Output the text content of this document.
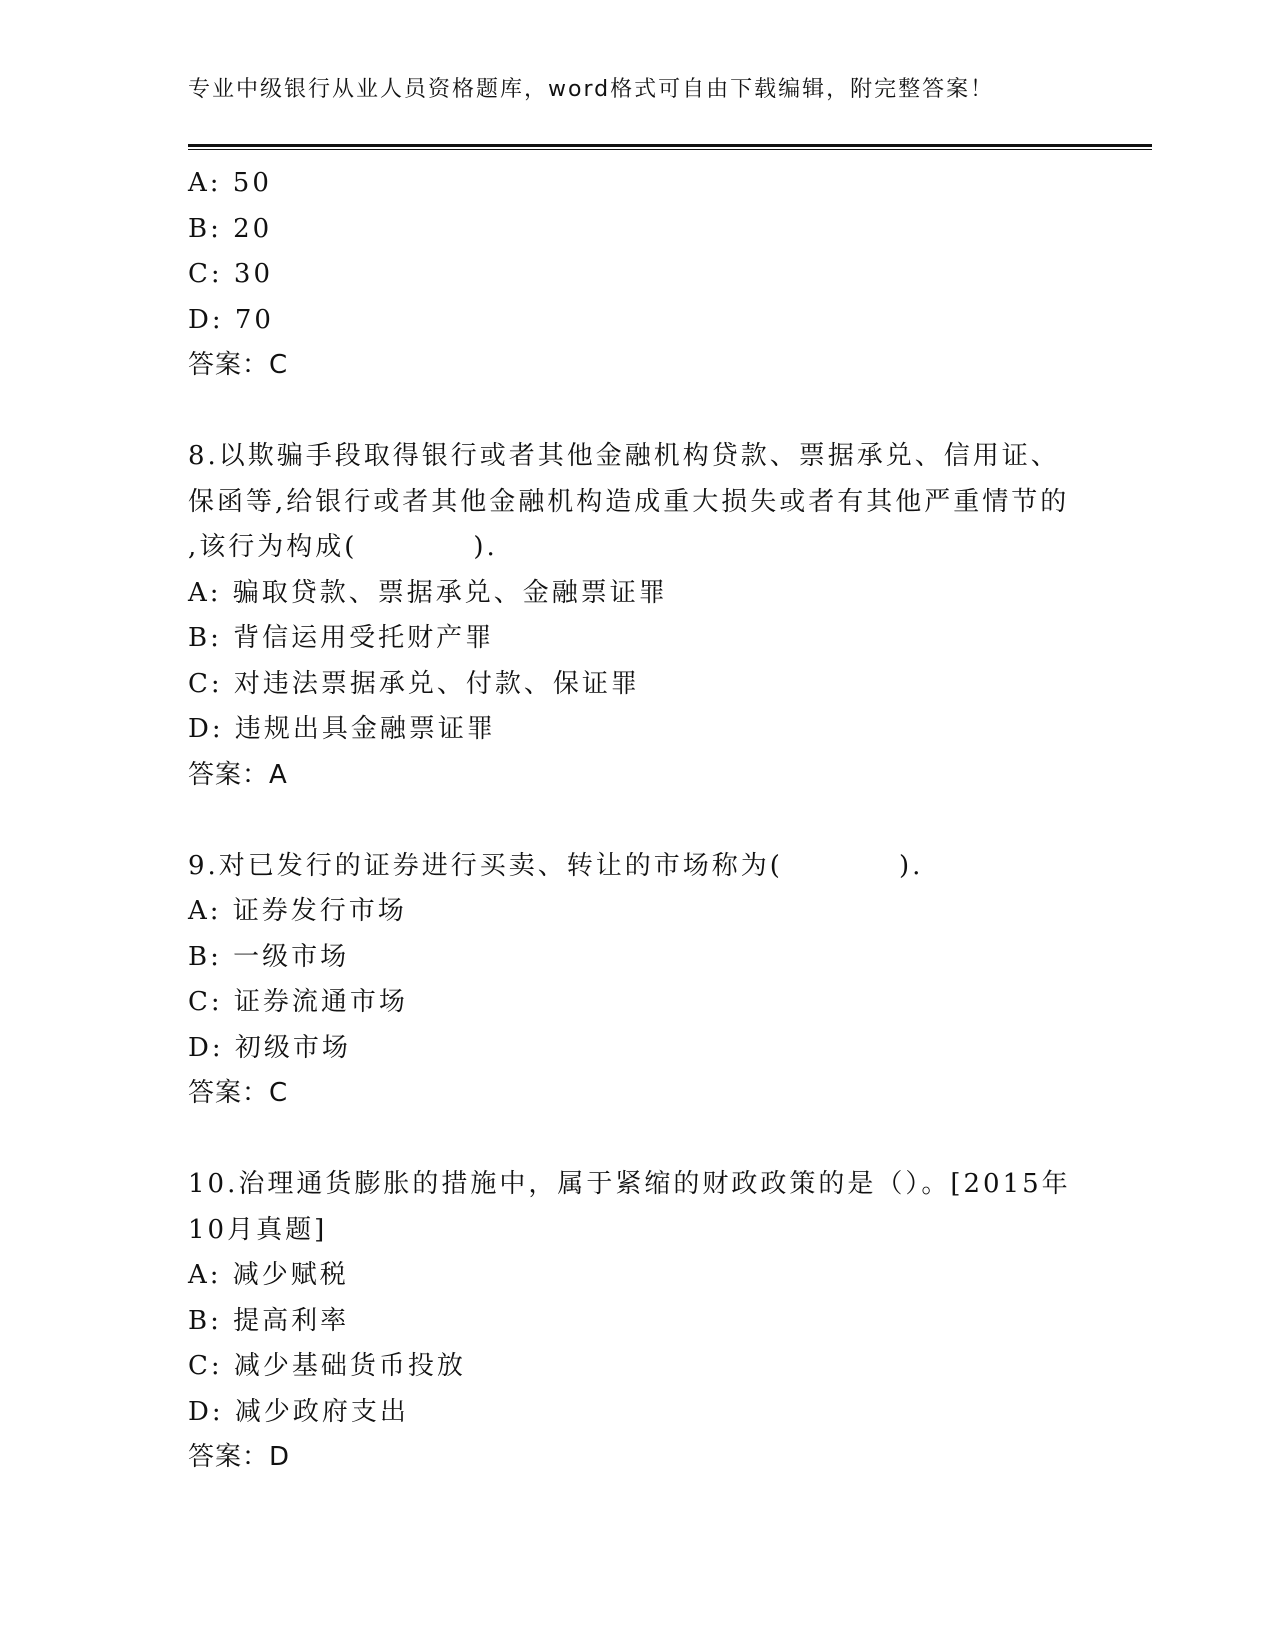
专业中级银行从业人员资格题库，word格式可自由下载编辑，附完整答案！
A: 50
B: 20
C: 30
D: 70
答案：C
8.以欺骗手段取得银行或者其他金融机构贷款、票据承兑、信用证、
保函等,给银行或者其他金融机构造成重大损失或者有其他严重情节的
,该行为构成(　　　　).
A: 骗取贷款、票据承兑、金融票证罪
B: 背信运用受托财产罪
C: 对违法票据承兑、付款、保证罪
D: 违规出具金融票证罪
答案：A
9.对已发行的证券进行买卖、转让的市场称为(　　　　).
A: 证券发行市场
B: 一级市场
C: 证券流通市场
D: 初级市场
答案：C
10.治理通货膨胀的措施中，属于紧缩的财政政策的是（）。[2015年
10月真题]
A: 减少赋税
B: 提高利率
C: 减少基础货币投放
D: 减少政府支出
答案：D
